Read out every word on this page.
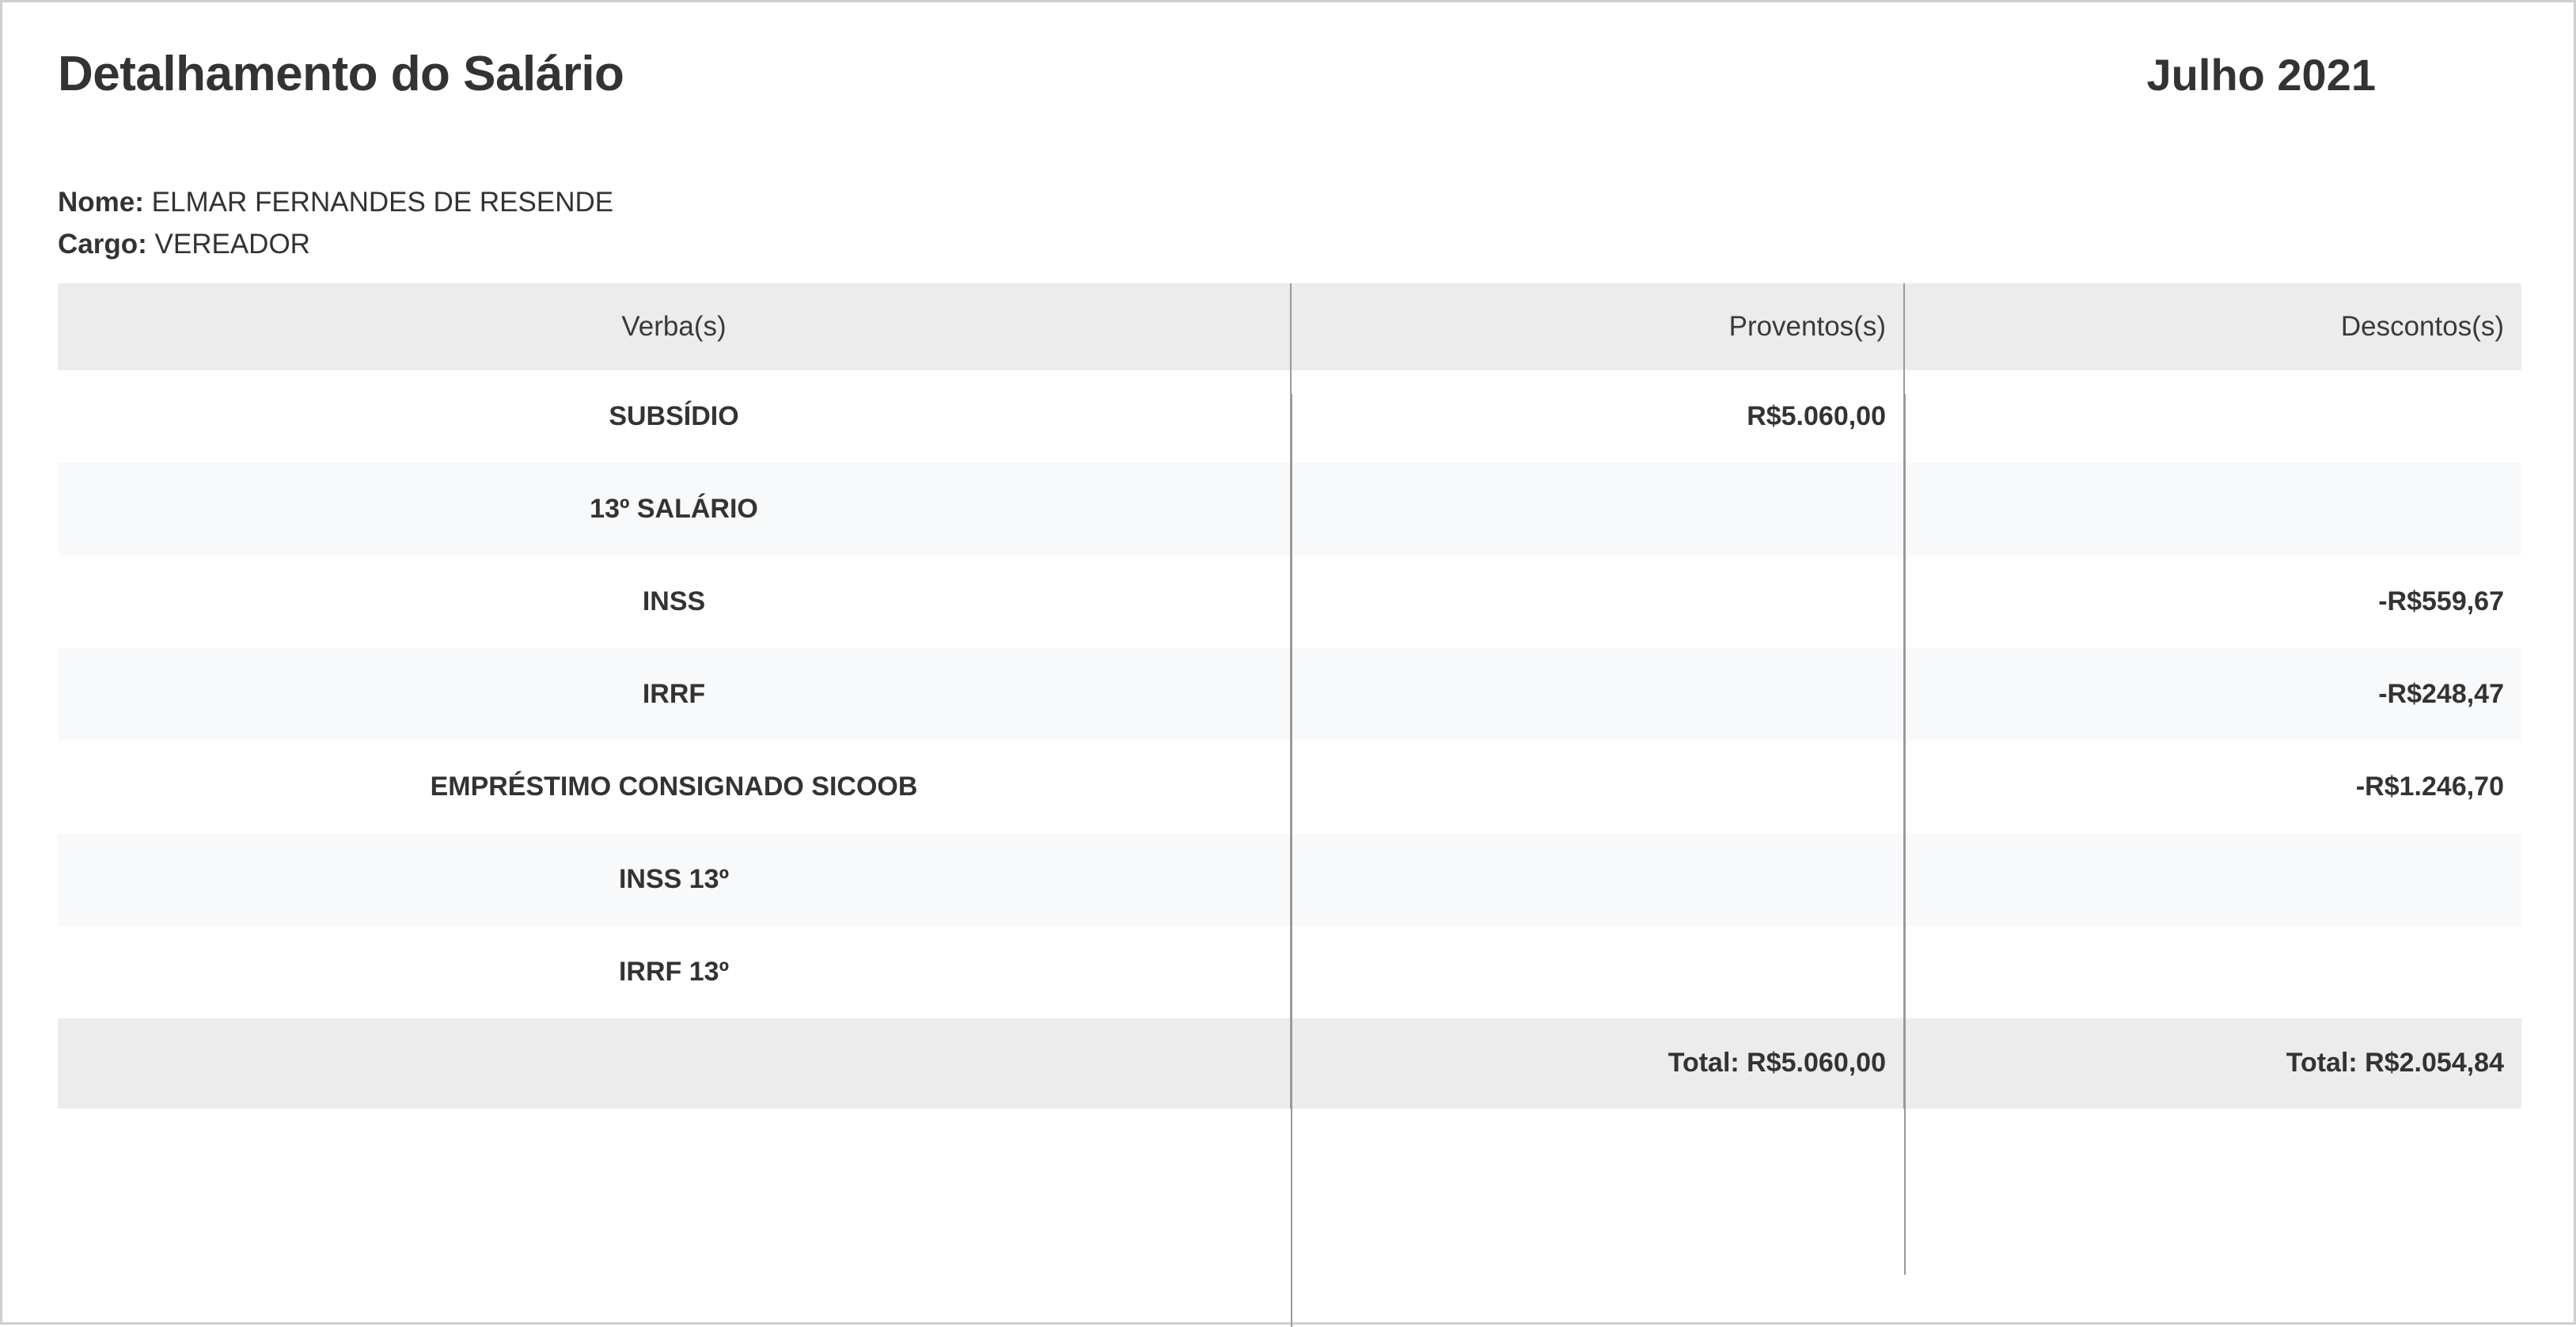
Detalhamento do Salário	Julho 2021
Nome: ELMAR FERNANDES DE RESENDE
Cargo: VEREADOR
Verba(s)	Proventos(s)	Descontos(s)
SUBSÍDIO	R$5.060,00	
13º SALÁRIO		
INSS		-R$559,67
IRRF		-R$248,47
EMPRÉSTIMO CONSIGNADO SICOOB		-R$1.246,70
INSS 13º		
IRRF 13º		
	Total: R$5.060,00	Total: R$2.054,84
